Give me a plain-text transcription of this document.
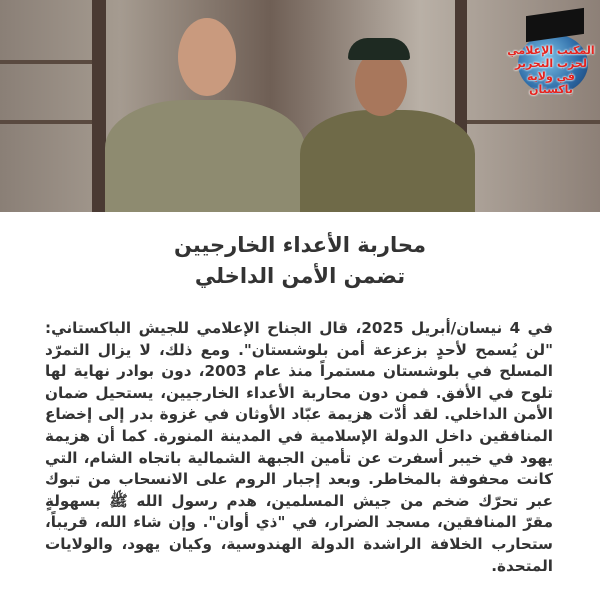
المكتب الإعلامي لحزب التحرير في ولاية باكستان
محاربة الأعداء الخارجيين
تضمن الأمن الداخلي
في 4 نيسان/أبريل 2025، قال الجناح الإعلامي للجيش الباكستاني: "لن يُسمح لأحدٍ بزعزعة أمن بلوشستان". ومع ذلك، لا يزال التمرّد المسلح في بلوشستان مستمراً منذ عام 2003، دون بوادر نهاية لها تلوح في الأفق. فمن دون محاربة الأعداء الخارجيين، يستحيل ضمان الأمن الداخلي. لقد أدّت هزيمة عبّاد الأوثان في غزوة بدر إلى إخضاع المنافقين داخل الدولة الإسلامية في المدينة المنورة. كما أن هزيمة يهود في خيبر أسفرت عن تأمين الجبهة الشمالية باتجاه الشام، التي كانت محفوفة بالمخاطر. وبعد إجبار الروم على الانسحاب من تبوك عبر تحرّك ضخم من جيش المسلمين، هدم رسول الله ﷺ بسهولةٍ مقرّ المنافقين، مسجد الضرار، في "ذي أوان". وإن شاء الله، قريباً، ستحارب الخلافة الراشدة الدولة الهندوسية، وكيان يهود، والولايات المتحدة.
